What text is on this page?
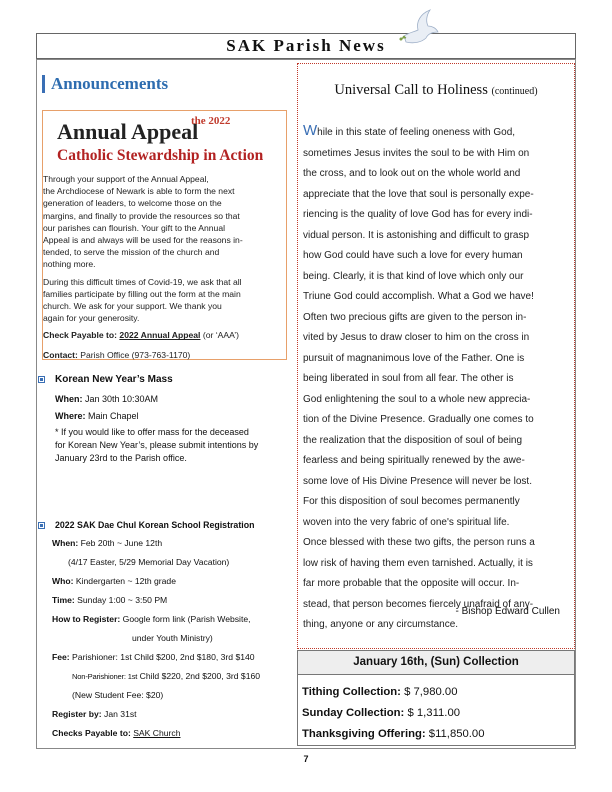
SAK Parish News
Announcements
Annual Appeal
the 2022
Catholic Stewardship in Action

Through your support of the Annual Appeal,
the Archdiocese of Newark is able to form the next
generation of leaders, to welcome those on the
margins, and finally to provide the resources so that
our parishes can flourish. Your gift to the Annual
Appeal is and always will be used for the reasons in-
tended, to serve the mission of the church and
nothing more.

During this difficult times of Covid-19, we ask that all
families participate by filling out the form at the main
church. We ask for your support. We thank you
again for your generosity.

Check Payable to: 2022 Annual Appeal (or ‘AAA’)
Contact: Parish Office (973-763-1170)
Korean New Year’s Mass
When: Jan 30th 10:30AM
Where: Main Chapel
* If you would like to offer mass for the deceased
for Korean New Year’s, please submit intentions by
January 23rd to the Parish office.
2022 SAK Dae Chul Korean School Registration
When: Feb 20th ~ June 12th
(4/17 Easter, 5/29 Memorial Day Vacation)
Who: Kindergarten ~ 12th grade
Time: Sunday 1:00 ~ 3:50 PM
How to Register: Google form link (Parish Website,
under Youth Ministry)
Fee: Parishioner: 1st Child $200, 2nd $180, 3rd $140
Non-Parishioner: 1st Child $220, 2nd $200, 3rd $160
(New Student Fee: $20)
Register by: Jan 31st
Checks Payable to: SAK Church
Universal Call to Holiness (continued)
While in this state of feeling oneness with God,
sometimes Jesus invites the soul to be with Him on
the cross, and to look out on the whole world and
appreciate that the love that soul is personally expe-
riencing is the quality of love God has for every indi-
vidual person. It is astonishing and difficult to grasp
how God could have such a love for every human
being. Clearly, it is that kind of love which only our
Triune God could accomplish. What a God we have!
Often two precious gifts are given to the person in-
vited by Jesus to draw closer to him on the cross in
pursuit of magnanimous love of the Father. One is
being liberated in soul from all fear. The other is
God enlightening the soul to a whole new apprecia-
tion of the Divine Presence. Gradually one comes to
the realization that the disposition of soul of being
fearless and being spiritually renewed by the awe-
some love of His Divine Presence will never be lost.
For this disposition of soul becomes permanently
woven into the very fabric of one's spiritual life.
Once blessed with these two gifts, the person runs a
low risk of having them even tarnished. Actually, it is
far more probable that the opposite will occur. In-
stead, that person becomes fiercely unafraid of any-
thing, anyone or any circumstance.
- Bishop Edward Cullen
January 16th, (Sun) Collection
Tithing Collection: $ 7,980.00
Sunday Collection: $ 1,311.00
Thanksgiving Offering: $11,850.00
7
